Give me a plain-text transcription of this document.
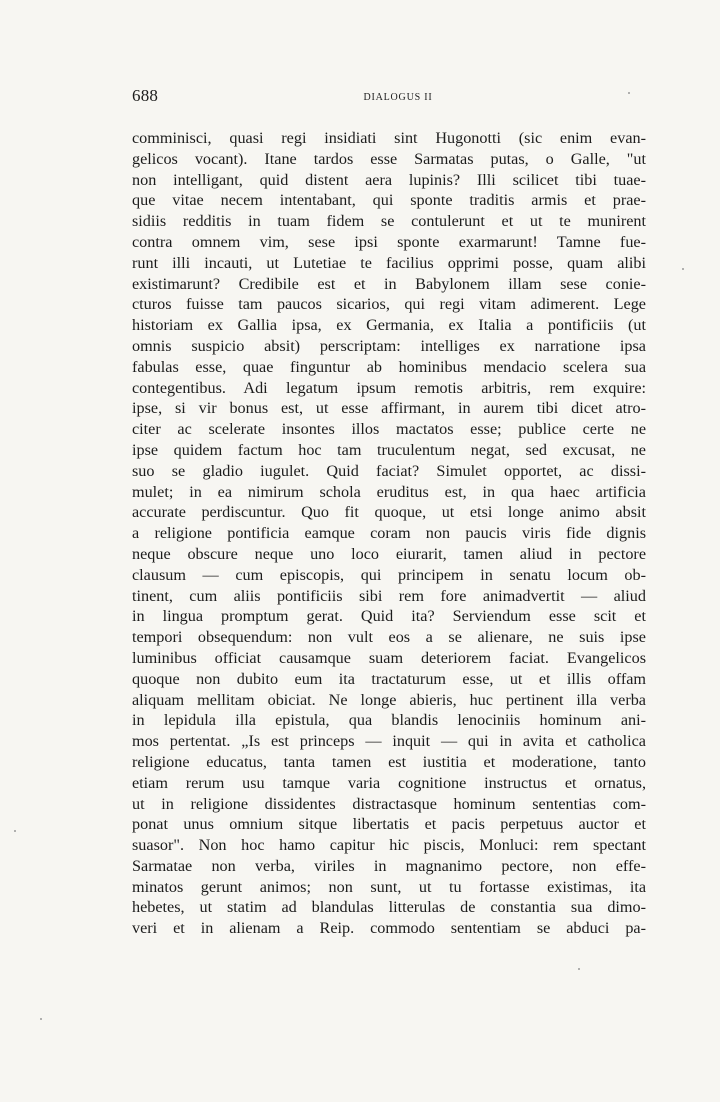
688	DIALOGUS II
comminisci, quasi regi insidiati sint Hugonotti (sic enim evan-
gelicos vocant). Itane tardos esse Sarmatas putas, o Galle, "ut
non intelligant, quid distent aera lupinis? Illi scilicet tibi tuae-
que vitae necem intentabant, qui sponte traditis armis et prae-
sidiis redditis in tuam fidem se contulerunt et ut te munirent
contra omnem vim, sese ipsi sponte exarmarunt! Tamne fue-
runt illi incauti, ut Lutetiae te facilius opprimi posse, quam alibi
existimarunt? Credibile est et in Babylonem illam sese conie-
cturos fuisse tam paucos sicarios, qui regi vitam adimerent. Lege
historiam ex Gallia ipsa, ex Germania, ex Italia a pontificiis (ut
omnis suspicio absit) perscriptam: intelliges ex narratione ipsa
fabulas esse, quae finguntur ab hominibus mendacio scelera sua
contegentibus. Adi legatum ipsum remotis arbitris, rem exquire:
ipse, si vir bonus est, ut esse affirmant, in aurem tibi dicet atro-
citer ac scelerate insontes illos mactatos esse; publice certe ne
ipse quidem factum hoc tam truculentum negat, sed excusat, ne
suo se gladio iugulet. Quid faciat? Simulet opportet, ac dissi-
mulet; in ea nimirum schola eruditus est, in qua haec artificia
accurate perdiscuntur. Quo fit quoque, ut etsi longe animo absit
a religione pontificia eamque coram non paucis viris fide dignis
neque obscure neque uno loco eiurarit, tamen aliud in pectore
clausum — cum episcopis, qui principem in senatu locum ob-
tinent, cum aliis pontificiis sibi rem fore animadvertit — aliud
in lingua promptum gerat. Quid ita? Serviendum esse scit et
tempori obsequendum: non vult eos a se alienare, ne suis ipse
luminibus officiat causamque suam deteriorem faciat. Evangelicos
quoque non dubito eum ita tractaturum esse, ut et illis offam
aliquam mellitam obiciat. Ne longe abieris, huc pertinent illa verba
in lepidula illa epistula, qua blandis lenociniis hominum ani-
mos pertentat. „Is est princeps — inquit — qui in avita et catholica
religione educatus, tanta tamen est iustitia et moderatione, tanto
etiam rerum usu tamque varia cognitione instructus et ornatus,
ut in religione dissidentes distractasque hominum sententias com-
ponat unus omnium sitque libertatis et pacis perpetuus auctor et
suasor". Non hoc hamo capitur hic piscis, Monluci: rem spectant
Sarmatae non verba, viriles in magnanimo pectore, non effe-
minatos gerunt animos; non sunt, ut tu fortasse existimas, ita
hebetes, ut statim ad blandulas litterulas de constantia sua dimo-
veri et in alienam a Reip. commodo sententiam se abduci pa-
